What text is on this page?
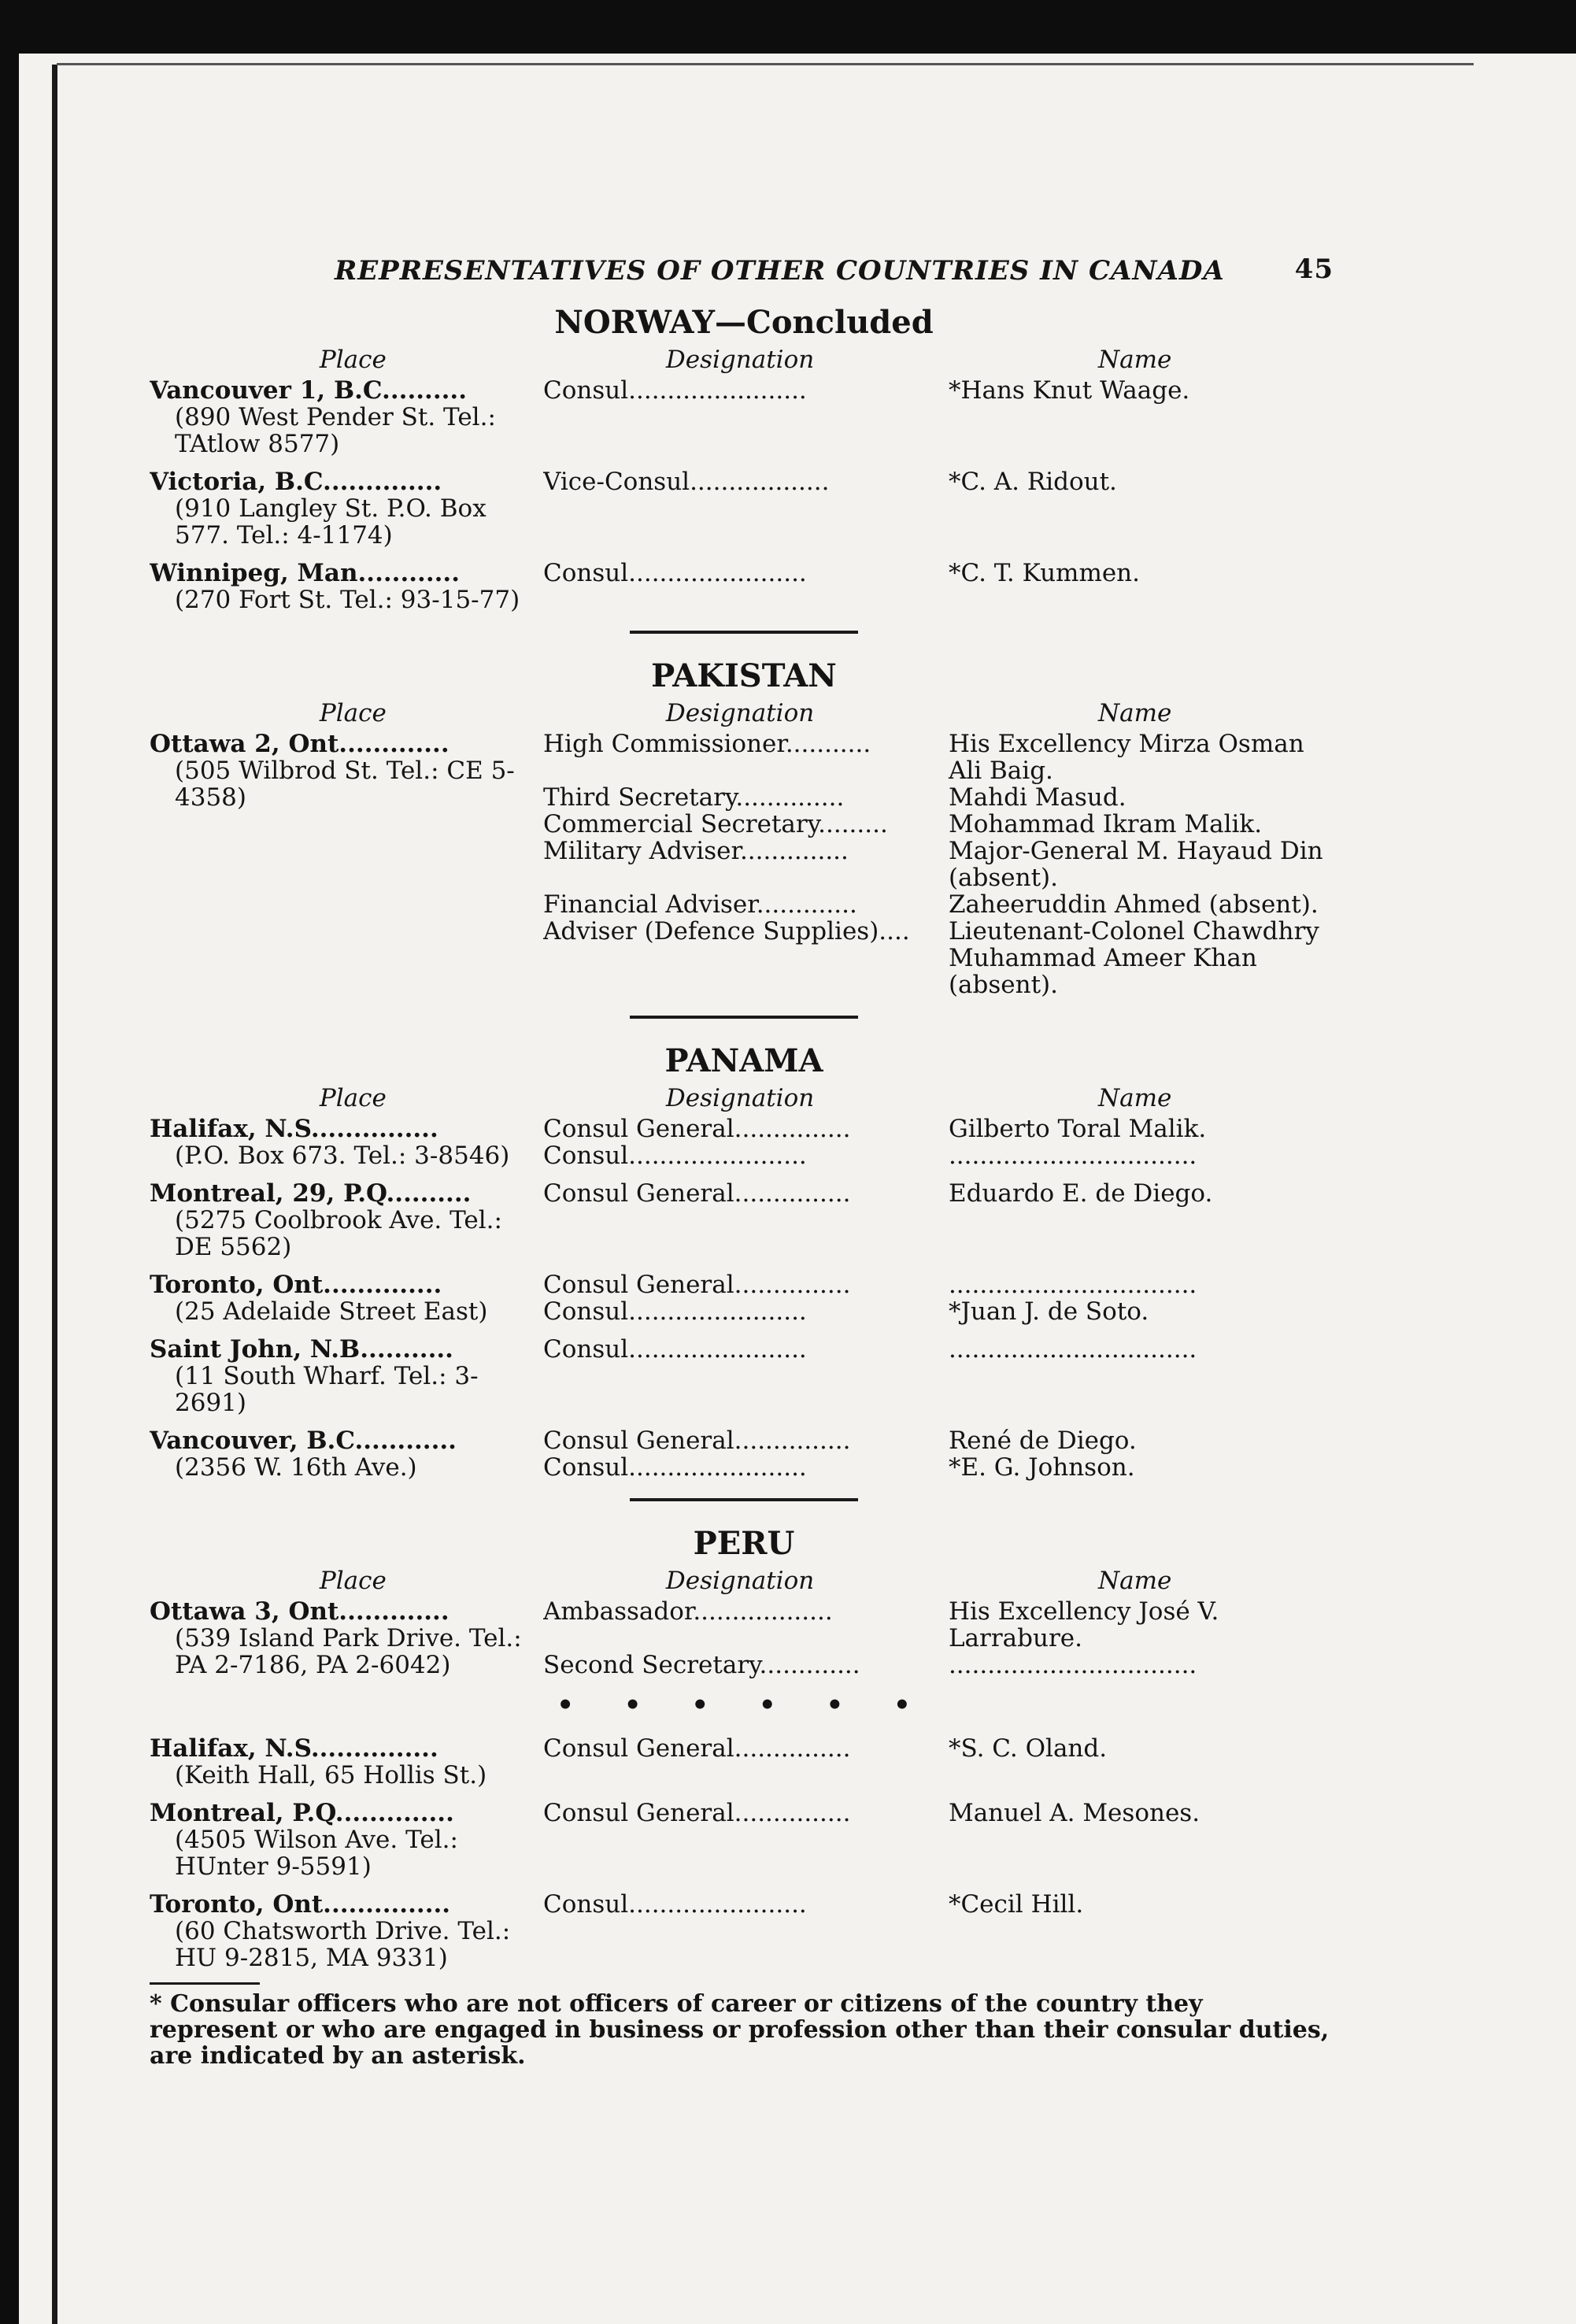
REPRESENTATIVES OF OTHER COUNTRIES IN CANADA	45
NORWAY—Concluded
Place	Designation	Name
Vancouver 1, B.C..........
(890 West Pender St. Tel.: TAtlow 8577)
Consul.......................	*Hans Knut Waage.
Victoria, B.C..............
(910 Langley St. P.O. Box 577. Tel.: 4-1174)
Vice-Consul..................	*C. A. Ridout.
Winnipeg, Man............
(270 Fort St. Tel.: 93-15-77)
Consul.......................	*C. T. Kummen.
PAKISTAN
Place	Designation	Name
Ottawa 2, Ont.............
(505 Wilbrod St. Tel.: CE 5-4358)
High Commissioner...........	His Excellency Mirza Osman Ali Baig.
Third Secretary..............	Mahdi Masud.
Commercial Secretary.........	Mohammad Ikram Malik.
Military Adviser..............	Major-General M. Hayaud Din (absent).
Financial Adviser.............	Zaheeruddin Ahmed (absent).
Adviser (Defence Supplies)....	Lieutenant-Colonel Chawdhry Muhammad Ameer Khan (absent).
PANAMA
Place	Designation	Name
Halifax, N.S...............
(P.O. Box 673. Tel.: 3-8546)
Consul General...............	Gilberto Toral Malik.
Consul.......................	................................
Montreal, 29, P.Q..........
(5275 Coolbrook Ave. Tel.: DE 5562)
Consul General...............	Eduardo E. de Diego.
Toronto, Ont..............
(25 Adelaide Street East)
Consul General...............	................................
Consul.......................	*Juan J. de Soto.
Saint John, N.B...........
(11 South Wharf. Tel.: 3-2691)
Consul.......................	................................
Vancouver, B.C............
(2356 W. 16th Ave.)
Consul General...............	René de Diego.
Consul.......................	*E. G. Johnson.
PERU
Place	Designation	Name
Ottawa 3, Ont.............
(539 Island Park Drive. Tel.: PA 2-7186, PA 2-6042)
Ambassador..................	His Excellency José V. Larrabure.
Second Secretary.............	................................
• • • • • •
Halifax, N.S...............
(Keith Hall, 65 Hollis St.)
Consul General...............	*S. C. Oland.
Montreal, P.Q..............
(4505 Wilson Ave. Tel.: HUnter 9-5591)
Consul General...............	Manuel A. Mesones.
Toronto, Ont...............
(60 Chatsworth Drive. Tel.: HU 9-2815, MA 9331)
Consul.......................	*Cecil Hill.
* Consular officers who are not officers of career or citizens of the country they represent or who are engaged in business or profession other than their consular duties, are indicated by an asterisk.
